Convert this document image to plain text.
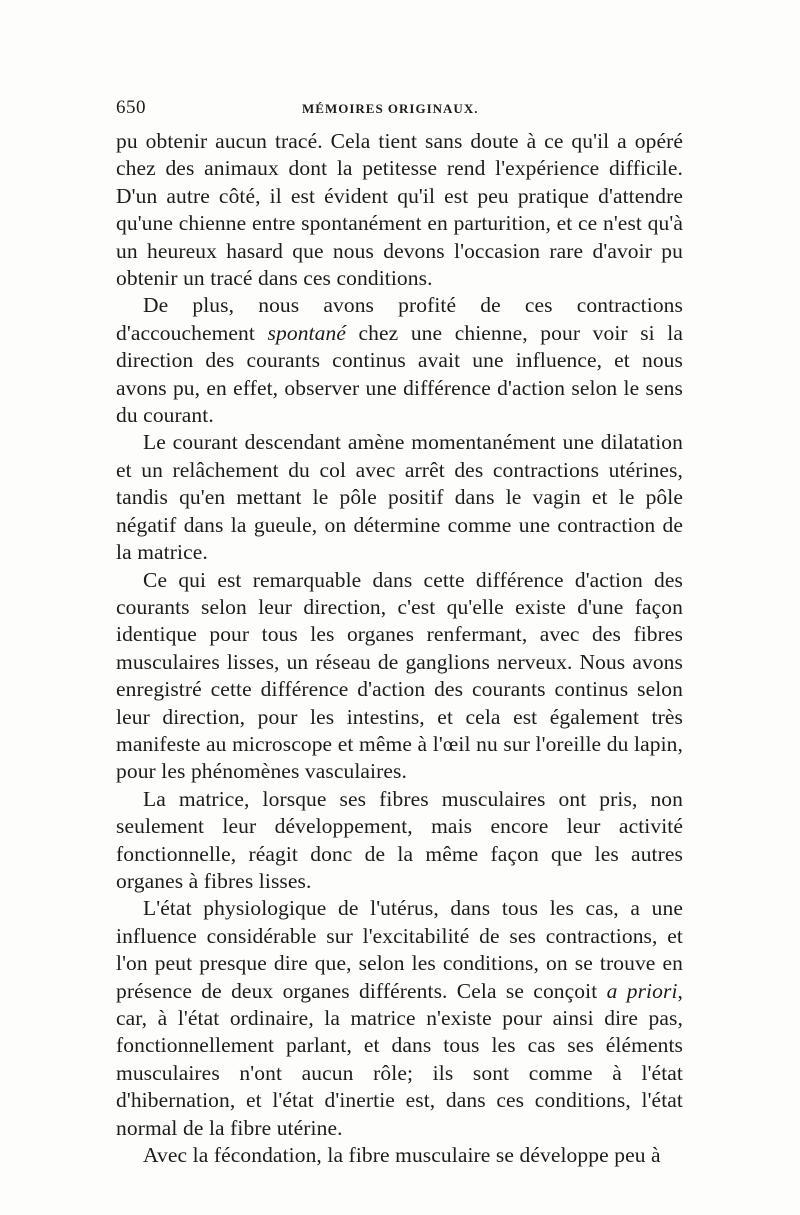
650	MÉMOIRES ORIGINAUX.

pu obtenir aucun tracé. Cela tient sans doute à ce qu'il a opéré chez des animaux dont la petitesse rend l'expérience difficile. D'un autre côté, il est évident qu'il est peu pratique d'attendre qu'une chienne entre spontanément en parturition, et ce n'est qu'à un heureux hasard que nous devons l'occasion rare d'avoir pu obtenir un tracé dans ces conditions.

De plus, nous avons profité de ces contractions d'accouchement spontané chez une chienne, pour voir si la direction des courants continus avait une influence, et nous avons pu, en effet, observer une différence d'action selon le sens du courant.

Le courant descendant amène momentanément une dilatation et un relâchement du col avec arrêt des contractions utérines, tandis qu'en mettant le pôle positif dans le vagin et le pôle négatif dans la gueule, on détermine comme une contraction de la matrice.

Ce qui est remarquable dans cette différence d'action des courants selon leur direction, c'est qu'elle existe d'une façon identique pour tous les organes renfermant, avec des fibres musculaires lisses, un réseau de ganglions nerveux. Nous avons enregistré cette différence d'action des courants continus selon leur direction, pour les intestins, et cela est également très manifeste au microscope et même à l'œil nu sur l'oreille du lapin, pour les phénomènes vasculaires.

La matrice, lorsque ses fibres musculaires ont pris, non seulement leur développement, mais encore leur activité fonctionnelle, réagit donc de la même façon que les autres organes à fibres lisses.

L'état physiologique de l'utérus, dans tous les cas, a une influence considérable sur l'excitabilité de ses contractions, et l'on peut presque dire que, selon les conditions, on se trouve en présence de deux organes différents. Cela se conçoit a priori, car, à l'état ordinaire, la matrice n'existe pour ainsi dire pas, fonctionnellement parlant, et dans tous les cas ses éléments musculaires n'ont aucun rôle; ils sont comme à l'état d'hibernation, et l'état d'inertie est, dans ces conditions, l'état normal de la fibre utérine.

Avec la fécondation, la fibre musculaire se développe peu à
